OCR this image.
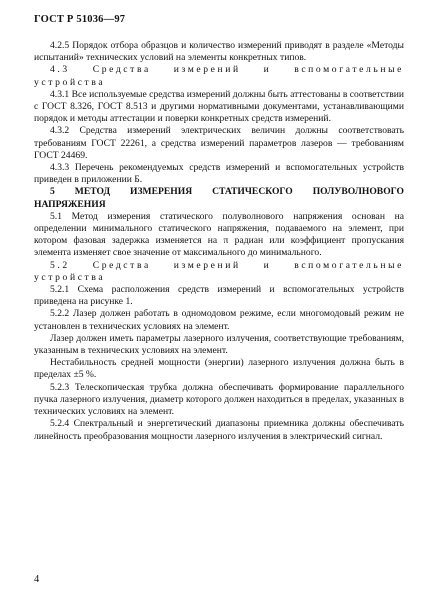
ГОСТ Р 51036—97

4.2.5 Порядок отбора образцов и количество измерений приводят в разделе «Методы испытаний» технических условий на элементы конкретных типов.

4.3 Средства измерений и вспомогательные устройства

4.3.1 Все используемые средства измерений должны быть аттестованы в соответствии с ГОСТ 8.326, ГОСТ 8.513 и другими нормативными документами, устанавливающими порядок и методы аттестации и поверки конкретных средств измерений.

4.3.2 Средства измерений электрических величин должны соответствовать требованиям ГОСТ 22261, а средства измерений параметров лазеров — требованиям ГОСТ 24469.

4.3.3 Перечень рекомендуемых средств измерений и вспомогательных устройств приведен в приложении Б.

5 МЕТОД ИЗМЕРЕНИЯ СТАТИЧЕСКОГО ПОЛУВОЛНОВОГО НАПРЯЖЕНИЯ

5.1 Метод измерения статического полуволнового напряжения основан на определении минимального статического напряжения, подаваемого на элемент, при котором фазовая задержка изменяется на π радиан или коэффициент пропускания элемента изменяет свое значение от максимального до минимального.

5.2 Средства измерений и вспомогательные устройства

5.2.1 Схема расположения средств измерений и вспомогательных устройств приведена на рисунке 1.

5.2.2 Лазер должен работать в одномодовом режиме, если многомодовый режим не установлен в технических условиях на элемент.

Лазер должен иметь параметры лазерного излучения, соответствующие требованиям, указанным в технических условиях на элемент.

Нестабильность средней мощности (энергии) лазерного излучения должна быть в пределах ±5 %.

5.2.3 Телескопическая трубка должна обеспечивать формирование параллельного пучка лазерного излучения, диаметр которого должен находиться в пределах, указанных в технических условиях на элемент.

5.2.4 Спектральный и энергетический диапазоны приемника должны обеспечивать линейность преобразования мощности лазерного излучения в электрический сигнал.

4
